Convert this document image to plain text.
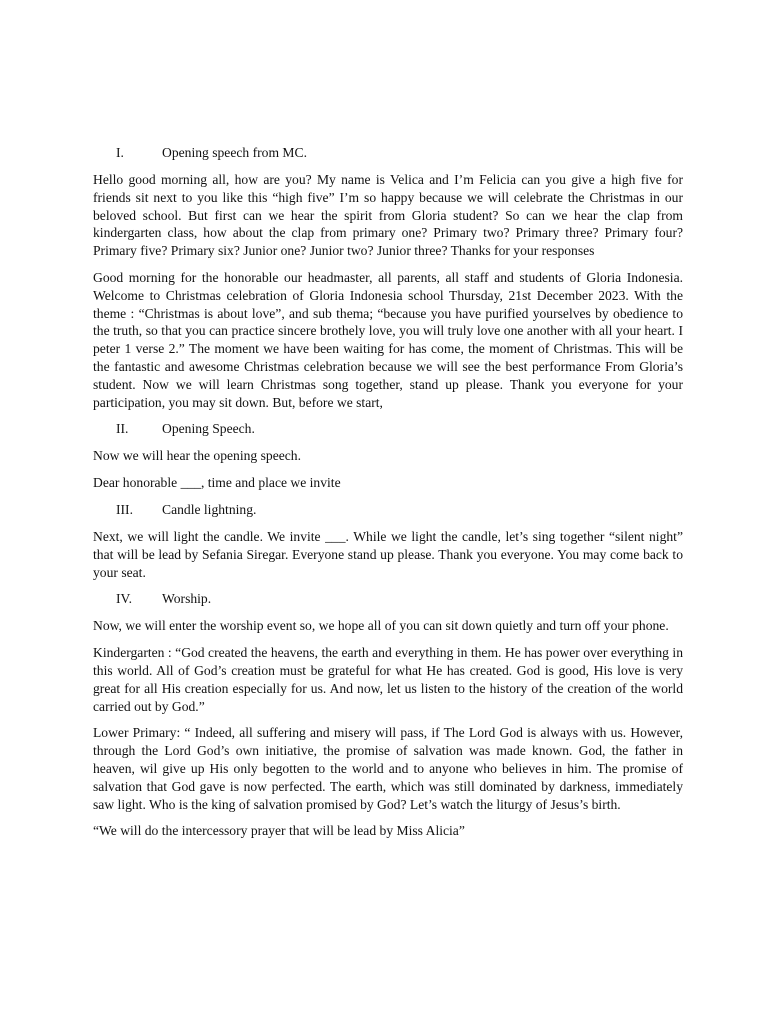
I.	Opening speech from MC.

Hello good morning all, how are you? My name is Velica and I’m Felicia can you give a high five for friends sit next to you like this “high five” I’m so happy because we will celebrate the Christmas in our beloved school. But first can we hear the spirit from Gloria student? So can we hear the clap from kindergarten class, how about the clap from primary one? Primary two? Primary three? Primary four? Primary five? Primary six? Junior one? Junior two? Junior three? Thanks for your responses

Good morning for the honorable our headmaster, all parents, all staff and students of Gloria Indonesia. Welcome to Christmas celebration of Gloria Indonesia school Thursday, 21st December 2023. With the theme : “Christmas is about love”, and sub thema; “because you have purified yourselves by obedience to the truth, so that you can practice sincere brothely love, you will truly love one another with all your heart. I peter 1 verse 2.” The moment we have been waiting for has come, the moment of Christmas. This will be the fantastic and awesome Christmas celebration because we will see the best performance From Gloria’s student. Now we will learn Christmas song together, stand up please. Thank you everyone for your participation, you may sit down. But, before we start,

II. Opening Speech.

Now we will hear the opening speech.

Dear honorable ___, time and place we invite

III. Candle lightning.

Next, we will light the candle. We invite ___. While we light the candle, let’s sing together “silent night” that will be lead by Sefania Siregar. Everyone stand up please. Thank you everyone. You may come back to your seat.

IV. Worship.

Now, we will enter the worship event so, we hope all of you can sit down quietly and turn off your phone.

Kindergarten : “God created the heavens, the earth and everything in them. He has power over everything in this world. All of God’s creation must be grateful for what He has created. God is good, His love is very great for all His creation especially for us. And now, let us listen to the history of the creation of the world carried out by God.”

Lower Primary: “ Indeed, all suffering and misery will pass, if The Lord God is always with us. However, through the Lord God’s own initiative, the promise of salvation was made known. God, the father in heaven, wil give up His only begotten to the world and to anyone who believes in him. The promise of salvation that God gave is now perfected. The earth, which was still dominated by darkness, immediately saw light. Who is the king of salvation promised by God? Let’s watch the liturgy of Jesus’s birth.

“We will do the intercessory prayer that will be lead by Miss Alicia”
